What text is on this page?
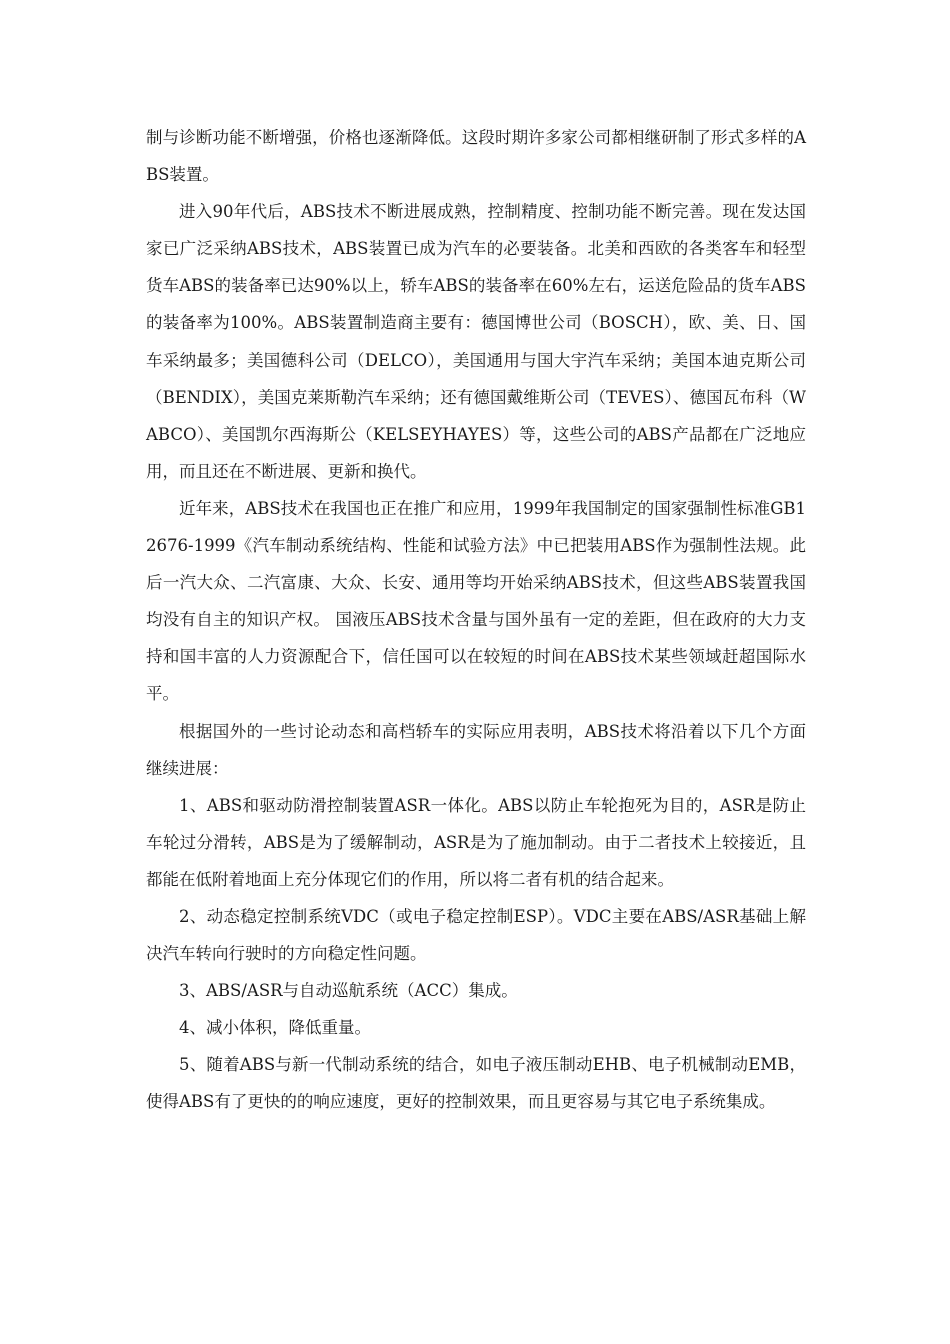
制与诊断功能不断增强，价格也逐渐降低。这段时期许多家公司都相继研制了形式多样的ABS装置。

进入90年代后，ABS技术不断进展成熟，控制精度、控制功能不断完善。现在发达国家已广泛采纳ABS技术，ABS装置已成为汽车的必要装备。北美和西欧的各类客车和轻型货车ABS的装备率已达90%以上，轿车ABS的装备率在60%左右，运送危险品的货车ABS的装备率为100%。ABS装置制造商主要有：德国博世公司（BOSCH），欧、美、日、国车采纳最多；美国德科公司（DELCO），美国通用与国大宇汽车采纳；美国本迪克斯公司（BENDIX），美国克莱斯勒汽车采纳；还有德国戴维斯公司（TEVES）、德国瓦布科（WABCO）、美国凯尔西海斯公（KELSEYHAYES）等，这些公司的ABS产品都在广泛地应用，而且还在不断进展、更新和换代。

近年来，ABS技术在我国也正在推广和应用，1999年我国制定的国家强制性标准GB12676-1999《汽车制动系统结构、性能和试验方法》中已把装用ABS作为强制性法规。此后一汽大众、二汽富康、大众、长安、通用等均开始采纳ABS技术，但这些ABS装置我国均没有自主的知识产权。 国液压ABS技术含量与国外虽有一定的差距，但在政府的大力支持和国丰富的人力资源配合下，信任国可以在较短的时间在ABS技术某些领域赶超国际水平。

根据国外的一些讨论动态和高档轿车的实际应用表明，ABS技术将沿着以下几个方面继续进展：

1、ABS和驱动防滑控制装置ASR一体化。ABS以防止车轮抱死为目的，ASR是防止车轮过分滑转，ABS是为了缓解制动，ASR是为了施加制动。由于二者技术上较接近，且都能在低附着地面上充分体现它们的作用，所以将二者有机的结合起来。

2、动态稳定控制系统VDC（或电子稳定控制ESP）。VDC主要在ABS/ASR基础上解决汽车转向行驶时的方向稳定性问题。

3、ABS/ASR与自动巡航系统（ACC）集成。

4、减小体积，降低重量。

5、随着ABS与新一代制动系统的结合，如电子液压制动EHB、电子机械制动EMB，使得ABS有了更快的的响应速度，更好的控制效果，而且更容易与其它电子系统集成。
